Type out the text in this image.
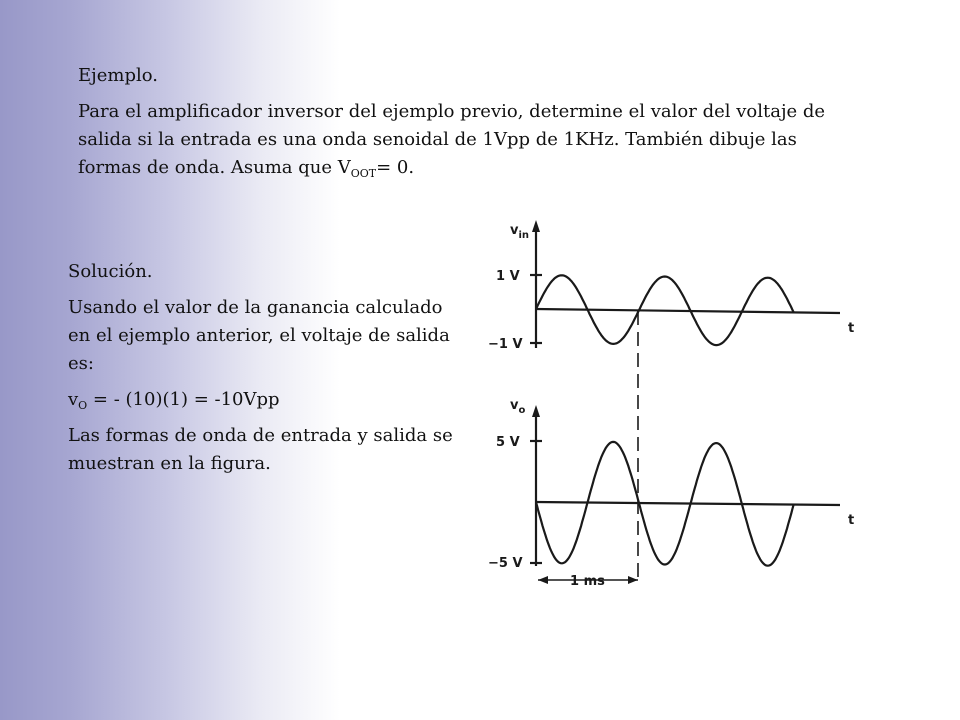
Ejemplo.

Para el amplificador inversor del ejemplo previo, determine el valor del voltaje de salida si la entrada es una onda senoidal de 1Vpp de 1KHz. También dibuje las formas de onda. Asuma que $V_{OOT}= 0$.

Solución.

Usando el valor de la ganancia calculado en el ejemplo anterior, el voltaje de salida es:

$v_O$ = - (10)(1) = -10Vpp

Las formas de onda de entrada y salida se muestran en la figura.

$v_{in}$
1 V
−1 V
t
$v_o$
5 V
−5 V
t
1 ms
